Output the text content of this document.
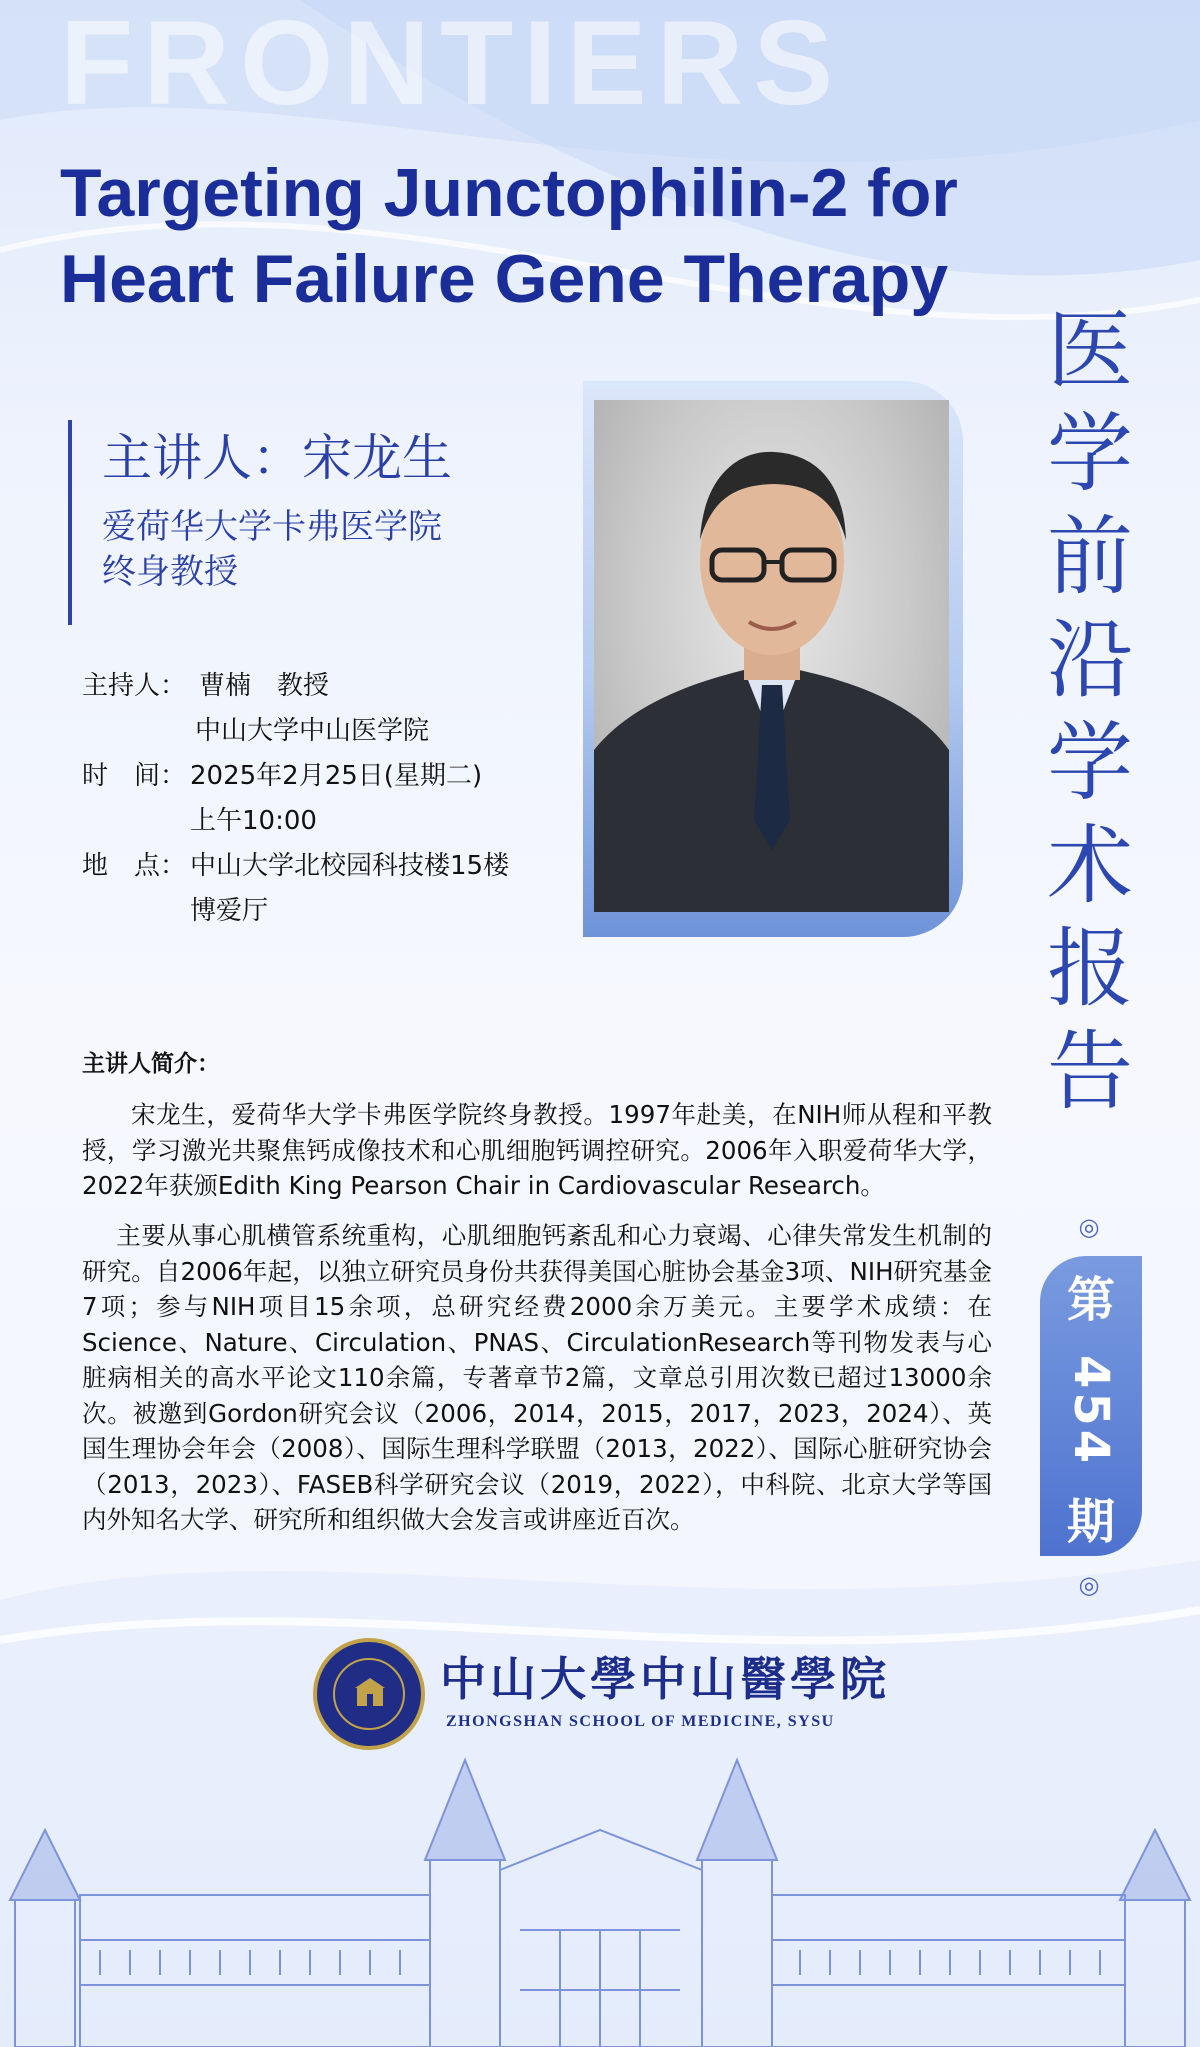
FRONTIERS
Targeting Junctophilin-2 for
Heart Failure Gene Therapy
医
学
前
沿
学
术
报
告
◎
第
454
期
◎
主讲人：宋龙生
爱荷华大学卡弗医学院
终身教授
主持人： 曹楠　教授
中山大学中山医学院
时　间： 2025年2月25日(星期二)
上午10:00
地　点： 中山大学北校园科技楼15楼
博爱厅
主讲人简介：
宋龙生，爱荷华大学卡弗医学院终身教授。1997年赴美，在NIH师从程和平教授，学习激光共聚焦钙成像技术和心肌细胞钙调控研究。2006年入职爱荷华大学，2022年获颁Edith King Pearson Chair in Cardiovascular Research。
主要从事心肌横管系统重构，心肌细胞钙紊乱和心力衰竭、心律失常发生机制的研究。自2006年起，以独立研究员身份共获得美国心脏协会基金3项、NIH研究基金7项；参与NIH项目15余项，总研究经费2000余万美元。主要学术成绩：在Science、Nature、Circulation、PNAS、CirculationResearch等刊物发表与心脏病相关的高水平论文110余篇，专著章节2篇，文章总引用次数已超过13000余次。被邀到Gordon研究会议（2006，2014，2015，2017，2023，2024）、英国生理协会年会（2008）、国际生理科学联盟（2013，2022）、国际心脏研究协会（2013，2023）、FASEB科学研究会议（2019，2022），中科院、北京大学等国内外知名大学、研究所和组织做大会发言或讲座近百次。
中山大學中山醫學院
ZHONGSHAN SCHOOL OF MEDICINE, SYSU
